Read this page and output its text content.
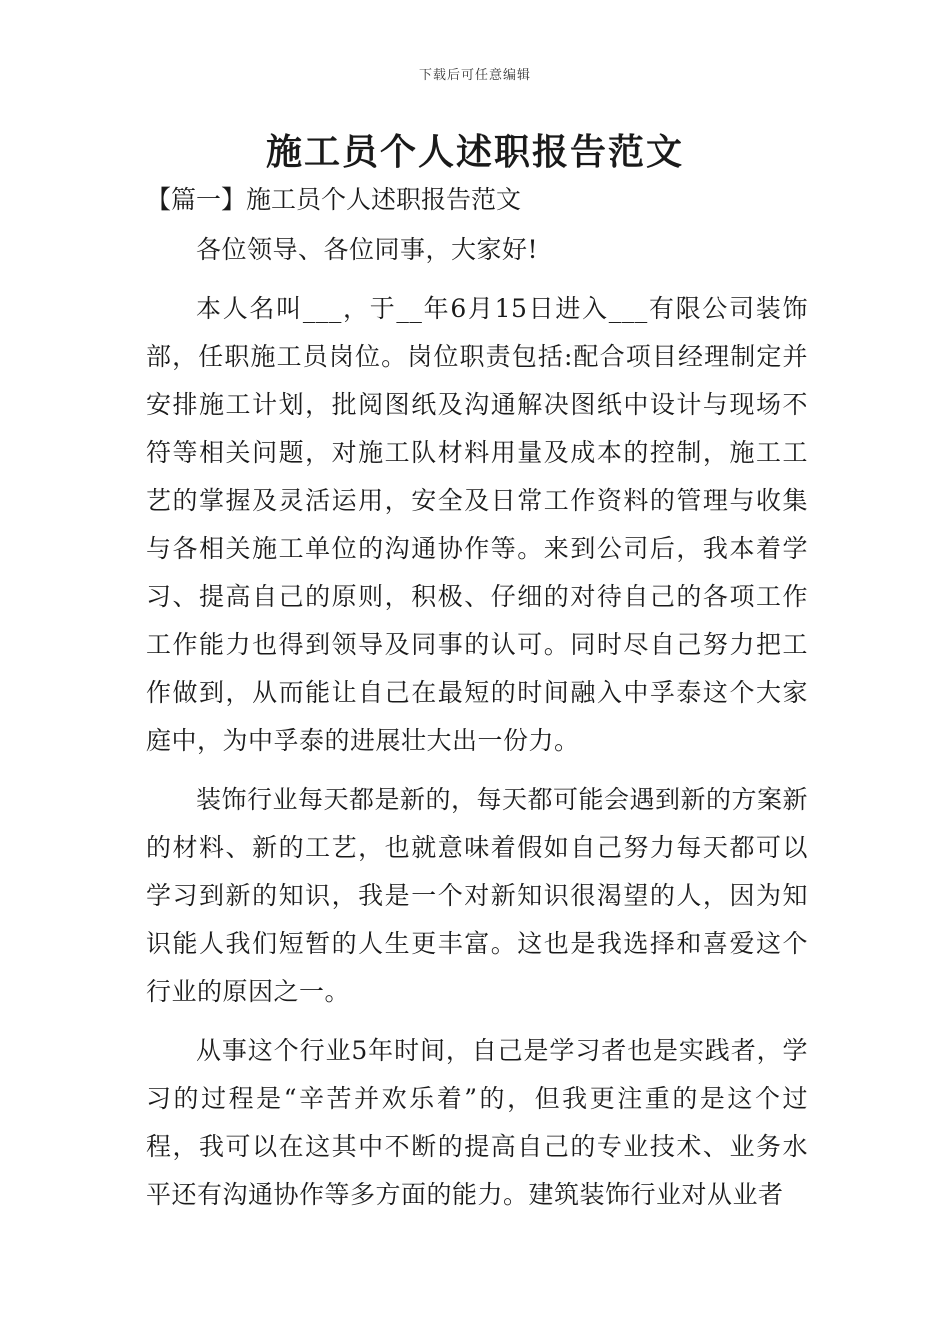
下载后可任意编辑
施工员个人述职报告范文
【篇一】施工员个人述职报告范文

各位领导、各位同事，大家好!

本人名叫___，于__年6月15日进入___有限公司装饰部，任职施工员岗位。岗位职责包括:配合项目经理制定并安排施工计划，批阅图纸及沟通解决图纸中设计与现场不符等相关问题，对施工队材料用量及成本的控制，施工工艺的掌握及灵活运用，安全及日常工作资料的管理与收集与各相关施工单位的沟通协作等。来到公司后，我本着学习、提高自己的原则，积极、仔细的对待自己的各项工作工作能力也得到领导及同事的认可。同时尽自己努力把工作做到，从而能让自己在最短的时间融入中孚泰这个大家庭中，为中孚泰的进展壮大出一份力。

装饰行业每天都是新的，每天都可能会遇到新的方案新的材料、新的工艺，也就意味着假如自己努力每天都可以学习到新的知识，我是一个对新知识很渴望的人，因为知识能人我们短暂的人生更丰富。这也是我选择和喜爱这个行业的原因之一。

从事这个行业5年时间，自己是学习者也是实践者，学习的过程是“辛苦并欢乐着”的，但我更注重的是这个过程，我可以在这其中不断的提高自己的专业技术、业务水平还有沟通协作等多方面的能力。建筑装饰行业对从业者
